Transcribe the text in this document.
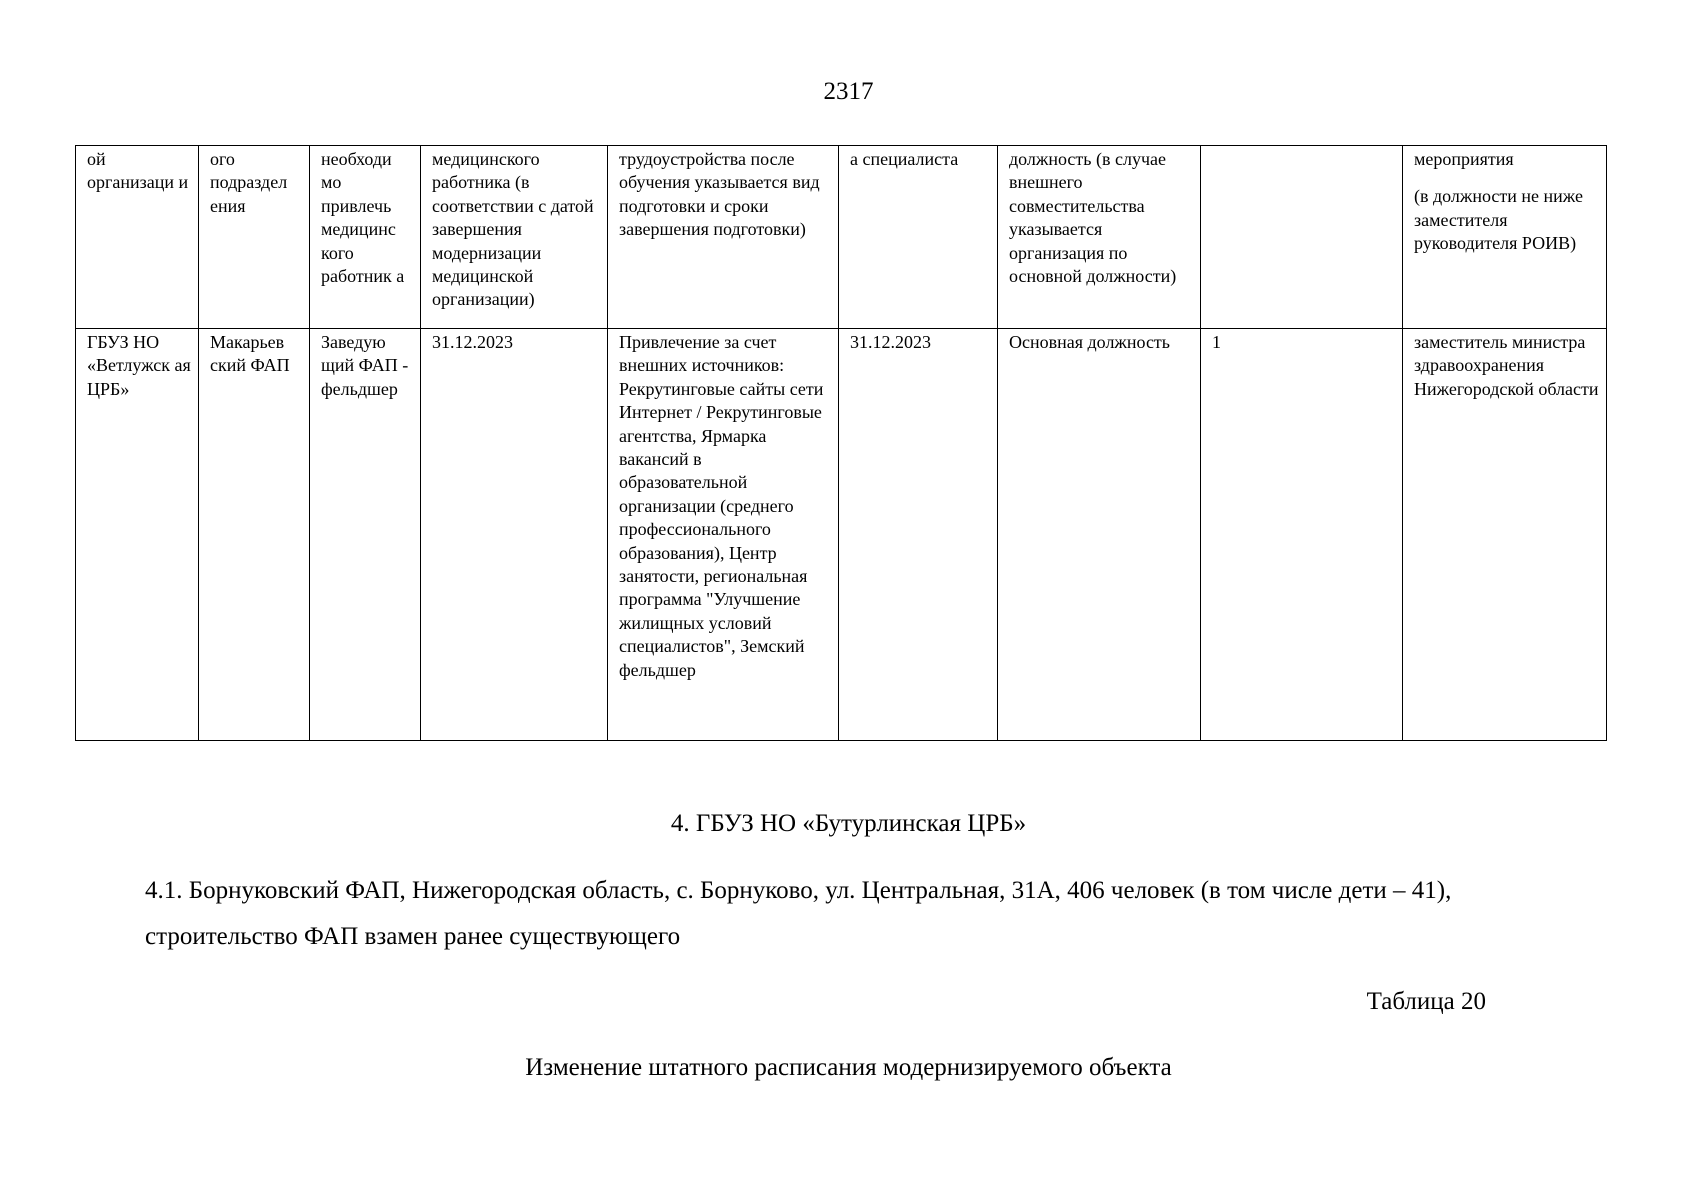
2317
ой организаци и	ого подраздел ения	необходи мо привлечь медицинс кого работник а	медицинского работника (в соответствии с датой завершения модернизации медицинской организации)	трудоустройства после обучения указывается вид подготовки и сроки завершения подготовки)	а специалиста	должность (в случае внешнего совместительства указывается организация по основной должности)		мероприятия
(в должности не ниже заместителя руководителя РОИВ)

ГБУЗ НО «Ветлужск ая ЦРБ»	Макарьев ский ФАП	Заведую щий ФАП - фельдшер	31.12.2023	Привлечение за счет внешних источников: Рекрутинговые сайты сети Интернет / Рекрутинговые агентства, Ярмарка вакансий в образовательной организации (среднего профессионального образования), Центр занятости, региональная программа "Улучшение жилищных условий специалистов", Земский фельдшер	31.12.2023	Основная должность	1	заместитель министра здравоохранения Нижегородской области
4. ГБУЗ НО «Бутурлинская ЦРБ»
4.1. Борнуковский ФАП, Нижегородская область, с. Борнуково, ул. Центральная, 31А, 406 человек (в том числе дети – 41), строительство ФАП взамен ранее существующего
Таблица 20
Изменение штатного расписания модернизируемого объекта
